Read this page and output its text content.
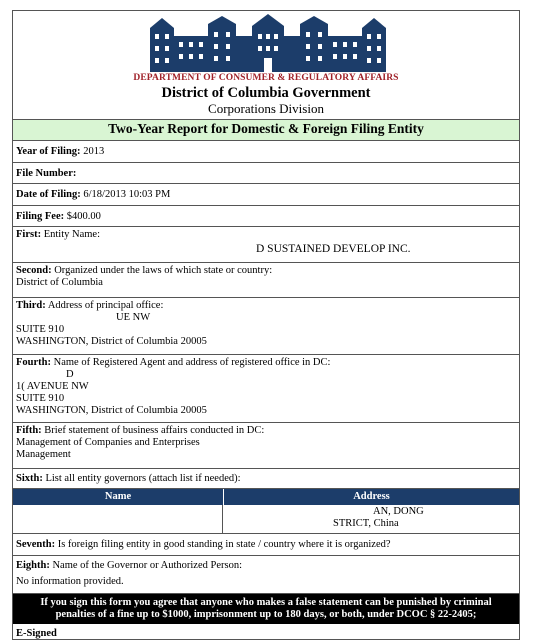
DEPARTMENT OF CONSUMER & REGULATORY AFFAIRS
District of Columbia Government
Corporations Division
Two-Year Report for Domestic & Foreign Filing Entity
Year of Filing: 2013
File Number:
Date of Filing: 6/18/2013 10:03 PM
Filing Fee: $400.00
First: Entity Name:
D SUSTAINED DEVELOP INC.
Second: Organized under the laws of which state or country:
District of Columbia
Third: Address of principal office:
UE NW
SUITE 910
WASHINGTON, District of Columbia 20005
Fourth: Name of Registered Agent and address of registered office in DC:
D
1( AVENUE NW
SUITE 910
WASHINGTON, District of Columbia 20005
Fifth: Brief statement of business affairs conducted in DC:
Management of Companies and Enterprises
Management
Sixth: List all entity governors (attach list if needed):
Name	Address
AN, DONG
STRICT, China
Seventh: Is foreign filing entity in good standing in state / country where it is organized?
Eighth: Name of the Governor or Authorized Person:
No information provided.
If you sign this form you agree that anyone who makes a false statement can be punished by criminal
penalties of a fine up to $1000, imprisonment up to 180 days, or both, under DCOC § 22-2405;
E-Signed
